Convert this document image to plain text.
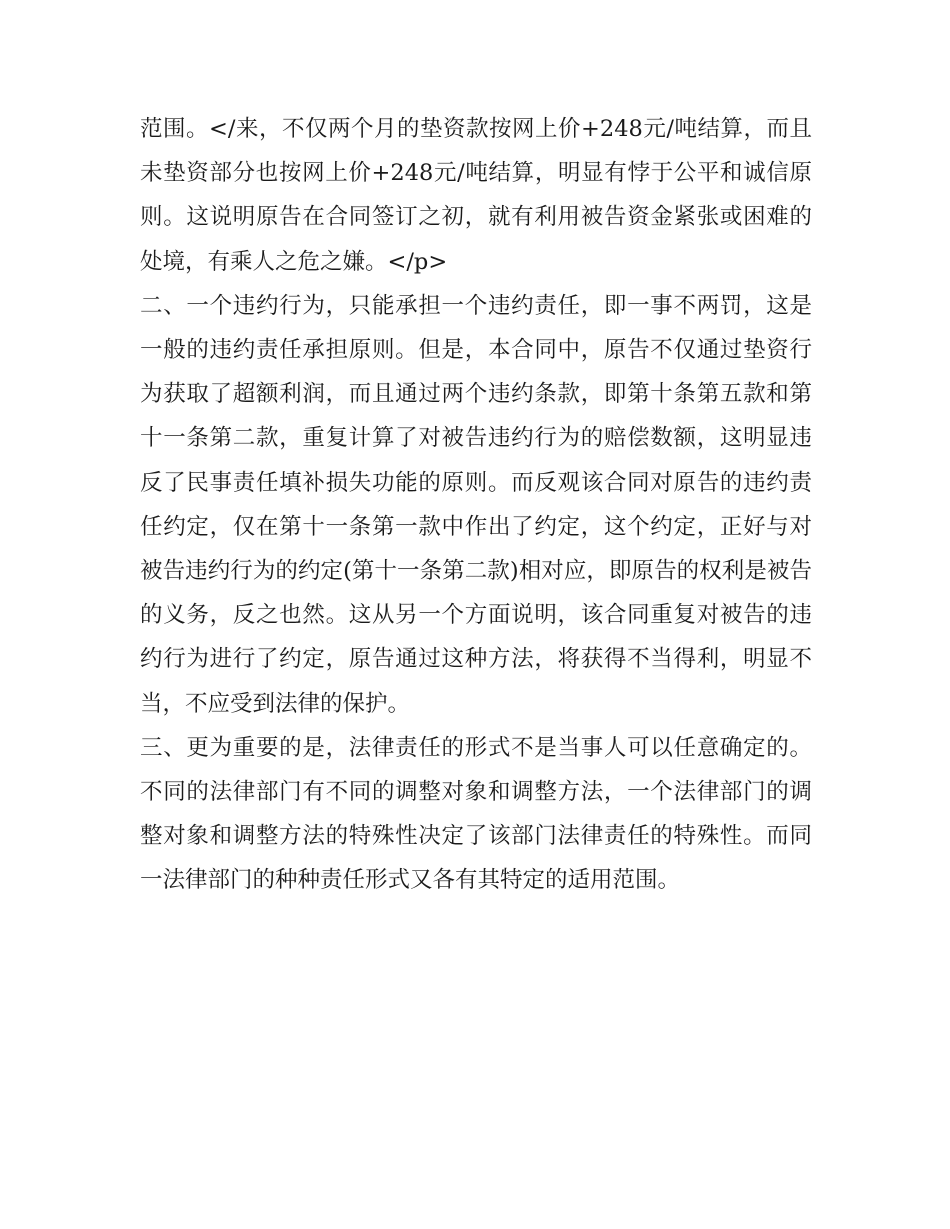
范围。</来，不仅两个月的垫资款按网上价+248元/吨结算，而且未垫资部分也按网上价+248元/吨结算，明显有悖于公平和诚信原则。这说明原告在合同签订之初，就有利用被告资金紧张或困难的处境，有乘人之危之嫌。</p>

二、一个违约行为，只能承担一个违约责任，即一事不两罚，这是一般的违约责任承担原则。但是，本合同中，原告不仅通过垫资行为获取了超额利润，而且通过两个违约条款，即第十条第五款和第十一条第二款，重复计算了对被告违约行为的赔偿数额，这明显违反了民事责任填补损失功能的原则。而反观该合同对原告的违约责任约定，仅在第十一条第一款中作出了约定，这个约定，正好与对被告违约行为的约定(第十一条第二款)相对应，即原告的权利是被告的义务，反之也然。这从另一个方面说明，该合同重复对被告的违约行为进行了约定，原告通过这种方法，将获得不当得利，明显不当，不应受到法律的保护。

三、更为重要的是，法律责任的形式不是当事人可以任意确定的。不同的法律部门有不同的调整对象和调整方法，一个法律部门的调整对象和调整方法的特殊性决定了该部门法律责任的特殊性。而同一法律部门的种种责任形式又各有其特定的适用范围。
